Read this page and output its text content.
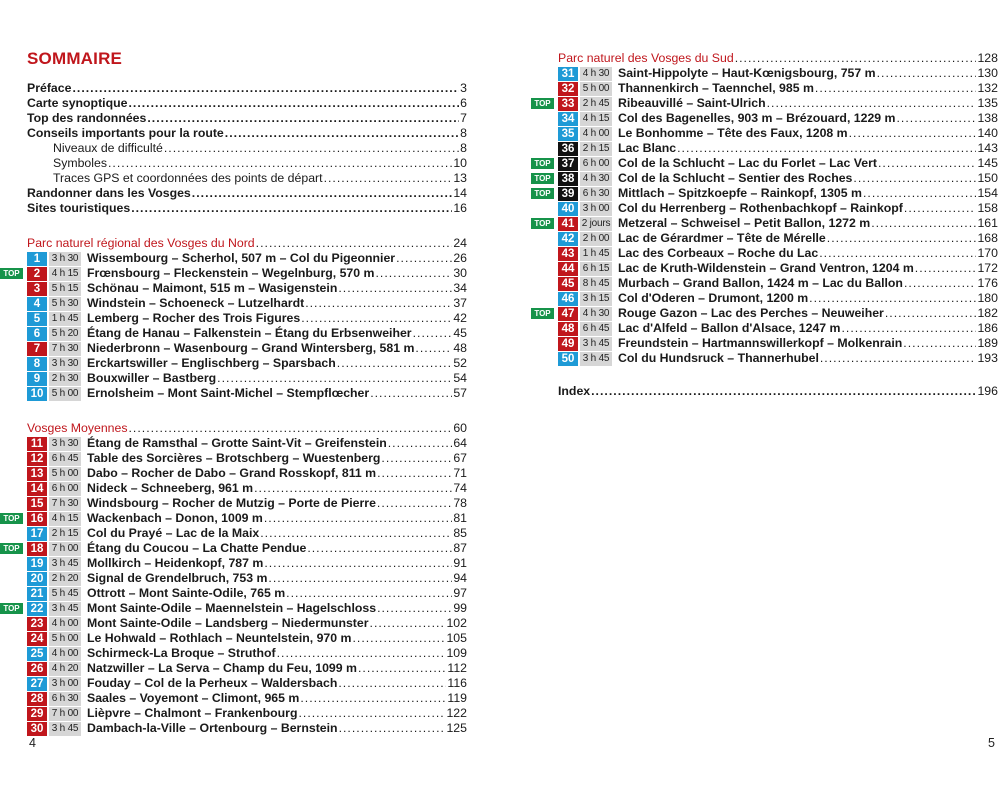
SOMMAIRE
Préface . . .	3
Carte synoptique . . .	6
Top des randonnées . . .	7
Conseils importants pour la route . . .	8
Niveaux de difficulté . . .	8
Symboles . . .	10
Traces GPS et coordonnées des points de départ . . .	13
Randonner dans les Vosges . . .	14
Sites touristiques . . .	16
Parc naturel régional des Vosges du Nord . . .	24
1	3 h 30 Wissembourg – Scherhol, 507 m – Col du Pigeonnier . . .	26
TOP	2	4 h 15 Frœnsbourg – Fleckenstein – Wegelnburg, 570 m . . .	30
3	5 h 15 Schönau – Maimont, 515 m – Wasigenstein . . .	34
4	5 h 30 Windstein – Schoeneck – Lutzelhardt . . .	37
5	1 h 45 Lemberg – Rocher des Trois Figures . . .	42
6	5 h 20 Étang de Hanau – Falkenstein – Étang du Erbsenweiher . . .	45
7	7 h 30 Niederbronn – Wasenbourg – Grand Wintersberg, 581 m . . .	48
8	3 h 30 Erckartswiller – Englischberg – Sparsbach . . .	52
9	2 h 30 Bouxwiller – Bastberg . . .	54
10 5 h 00 Ernolsheim – Mont Saint-Michel – Stempflœcher . . .	57
Vosges Moyennes . . .	60
11 3 h 30 Étang de Ramsthal – Grotte Saint-Vit – Greifenstein . . .	64
12 6 h 45 Table des Sorcières – Brotschberg – Wuestenberg . . .	67
13 5 h 00 Dabo – Rocher de Dabo – Grand Rosskopf, 811 m . . .	71
14 6 h 00 Nideck – Schneeberg, 961 m . . .	74
15 7 h 30 Windsbourg – Rocher de Mutzig – Porte de Pierre . . .	78
TOP 16 4 h 15 Wackenbach – Donon, 1009 m . . .	81
17 2 h 15 Col du Prayé – Lac de la Maix . . .	85
TOP 18 7 h 00 Étang du Coucou – La Chatte Pendue . . .	87
19 3 h 45 Mollkirch – Heidenkopf, 787 m . . .	91
20 2 h 20 Signal de Grendelbruch, 753 m . . .	94
21 5 h 45 Ottrott – Mont Sainte-Odile, 765 m . . .	97
TOP 22 3 h 45 Mont Sainte-Odile – Maennelstein – Hagelschloss . . .	99
23 4 h 00 Mont Sainte-Odile – Landsberg – Niedermunster . . .	102
24 5 h 00 Le Hohwald – Rothlach – Neuntelstein, 970 m . . .	105
25 4 h 00 Schirmeck-La Broque – Struthof . . .	109
26 4 h 20 Natzwiller – La Serva – Champ du Feu, 1099 m . . .	112
27 3 h 00 Fouday – Col de la Perheux – Waldersbach . . .	116
28 6 h 30 Saales – Voyemont – Climont, 965 m . . .	119
29 7 h 00 Lièpvre – Chalmont – Frankenbourg . . .	122
30 3 h 45 Dambach-la-Ville – Ortenbourg – Bernstein . . .	125
Parc naturel des Vosges du Sud . . .	128
31 4 h 30 Saint-Hippolyte – Haut-Kœnigsbourg, 757 m . . .	130
32 5 h 00 Thannenkirch – Taennchel, 985 m . . .	132
TOP 33 2 h 45 Ribeauvillé – Saint-Ulrich . . .	135
34 4 h 15 Col des Bagenelles, 903 m – Brézouard, 1229 m . . .	138
35 4 h 00 Le Bonhomme – Tête des Faux, 1208 m . . .	140
36 2 h 15 Lac Blanc . . .	143
TOP 37 6 h 00 Col de la Schlucht – Lac du Forlet – Lac Vert . . .	145
TOP 38 4 h 30 Col de la Schlucht – Sentier des Roches . . .	150
TOP 39 6 h 30 Mittlach – Spitzkoepfe – Rainkopf, 1305 m . . .	154
40 3 h 00 Col du Herrenberg – Rothenbachkopf – Rainkopf . . .	158
TOP 41 2 jours Metzeral – Schweisel – Petit Ballon, 1272 m . . .	161
42 2 h 00 Lac de Gérardmer – Tête de Mérelle . . .	168
43 1 h 45 Lac des Corbeaux – Roche du Lac . . .	170
44 6 h 15 Lac de Kruth-Wildenstein – Grand Ventron, 1204 m . . .	172
45 8 h 45 Murbach – Grand Ballon, 1424 m – Lac du Ballon . . .	176
46 3 h 15 Col d'Oderen – Drumont, 1200 m . . .	180
TOP 47 4 h 30 Rouge Gazon – Lac des Perches – Neuweiher . . .	182
48 6 h 45 Lac d'Alfeld – Ballon d'Alsace, 1247 m . . .	186
49 3 h 45 Freundstein – Hartmannswillerkopf – Molkenrain . . .	189
50 3 h 45 Col du Hundsruck – Thannerhubel . . .	193
Index . . .	196
4	5
